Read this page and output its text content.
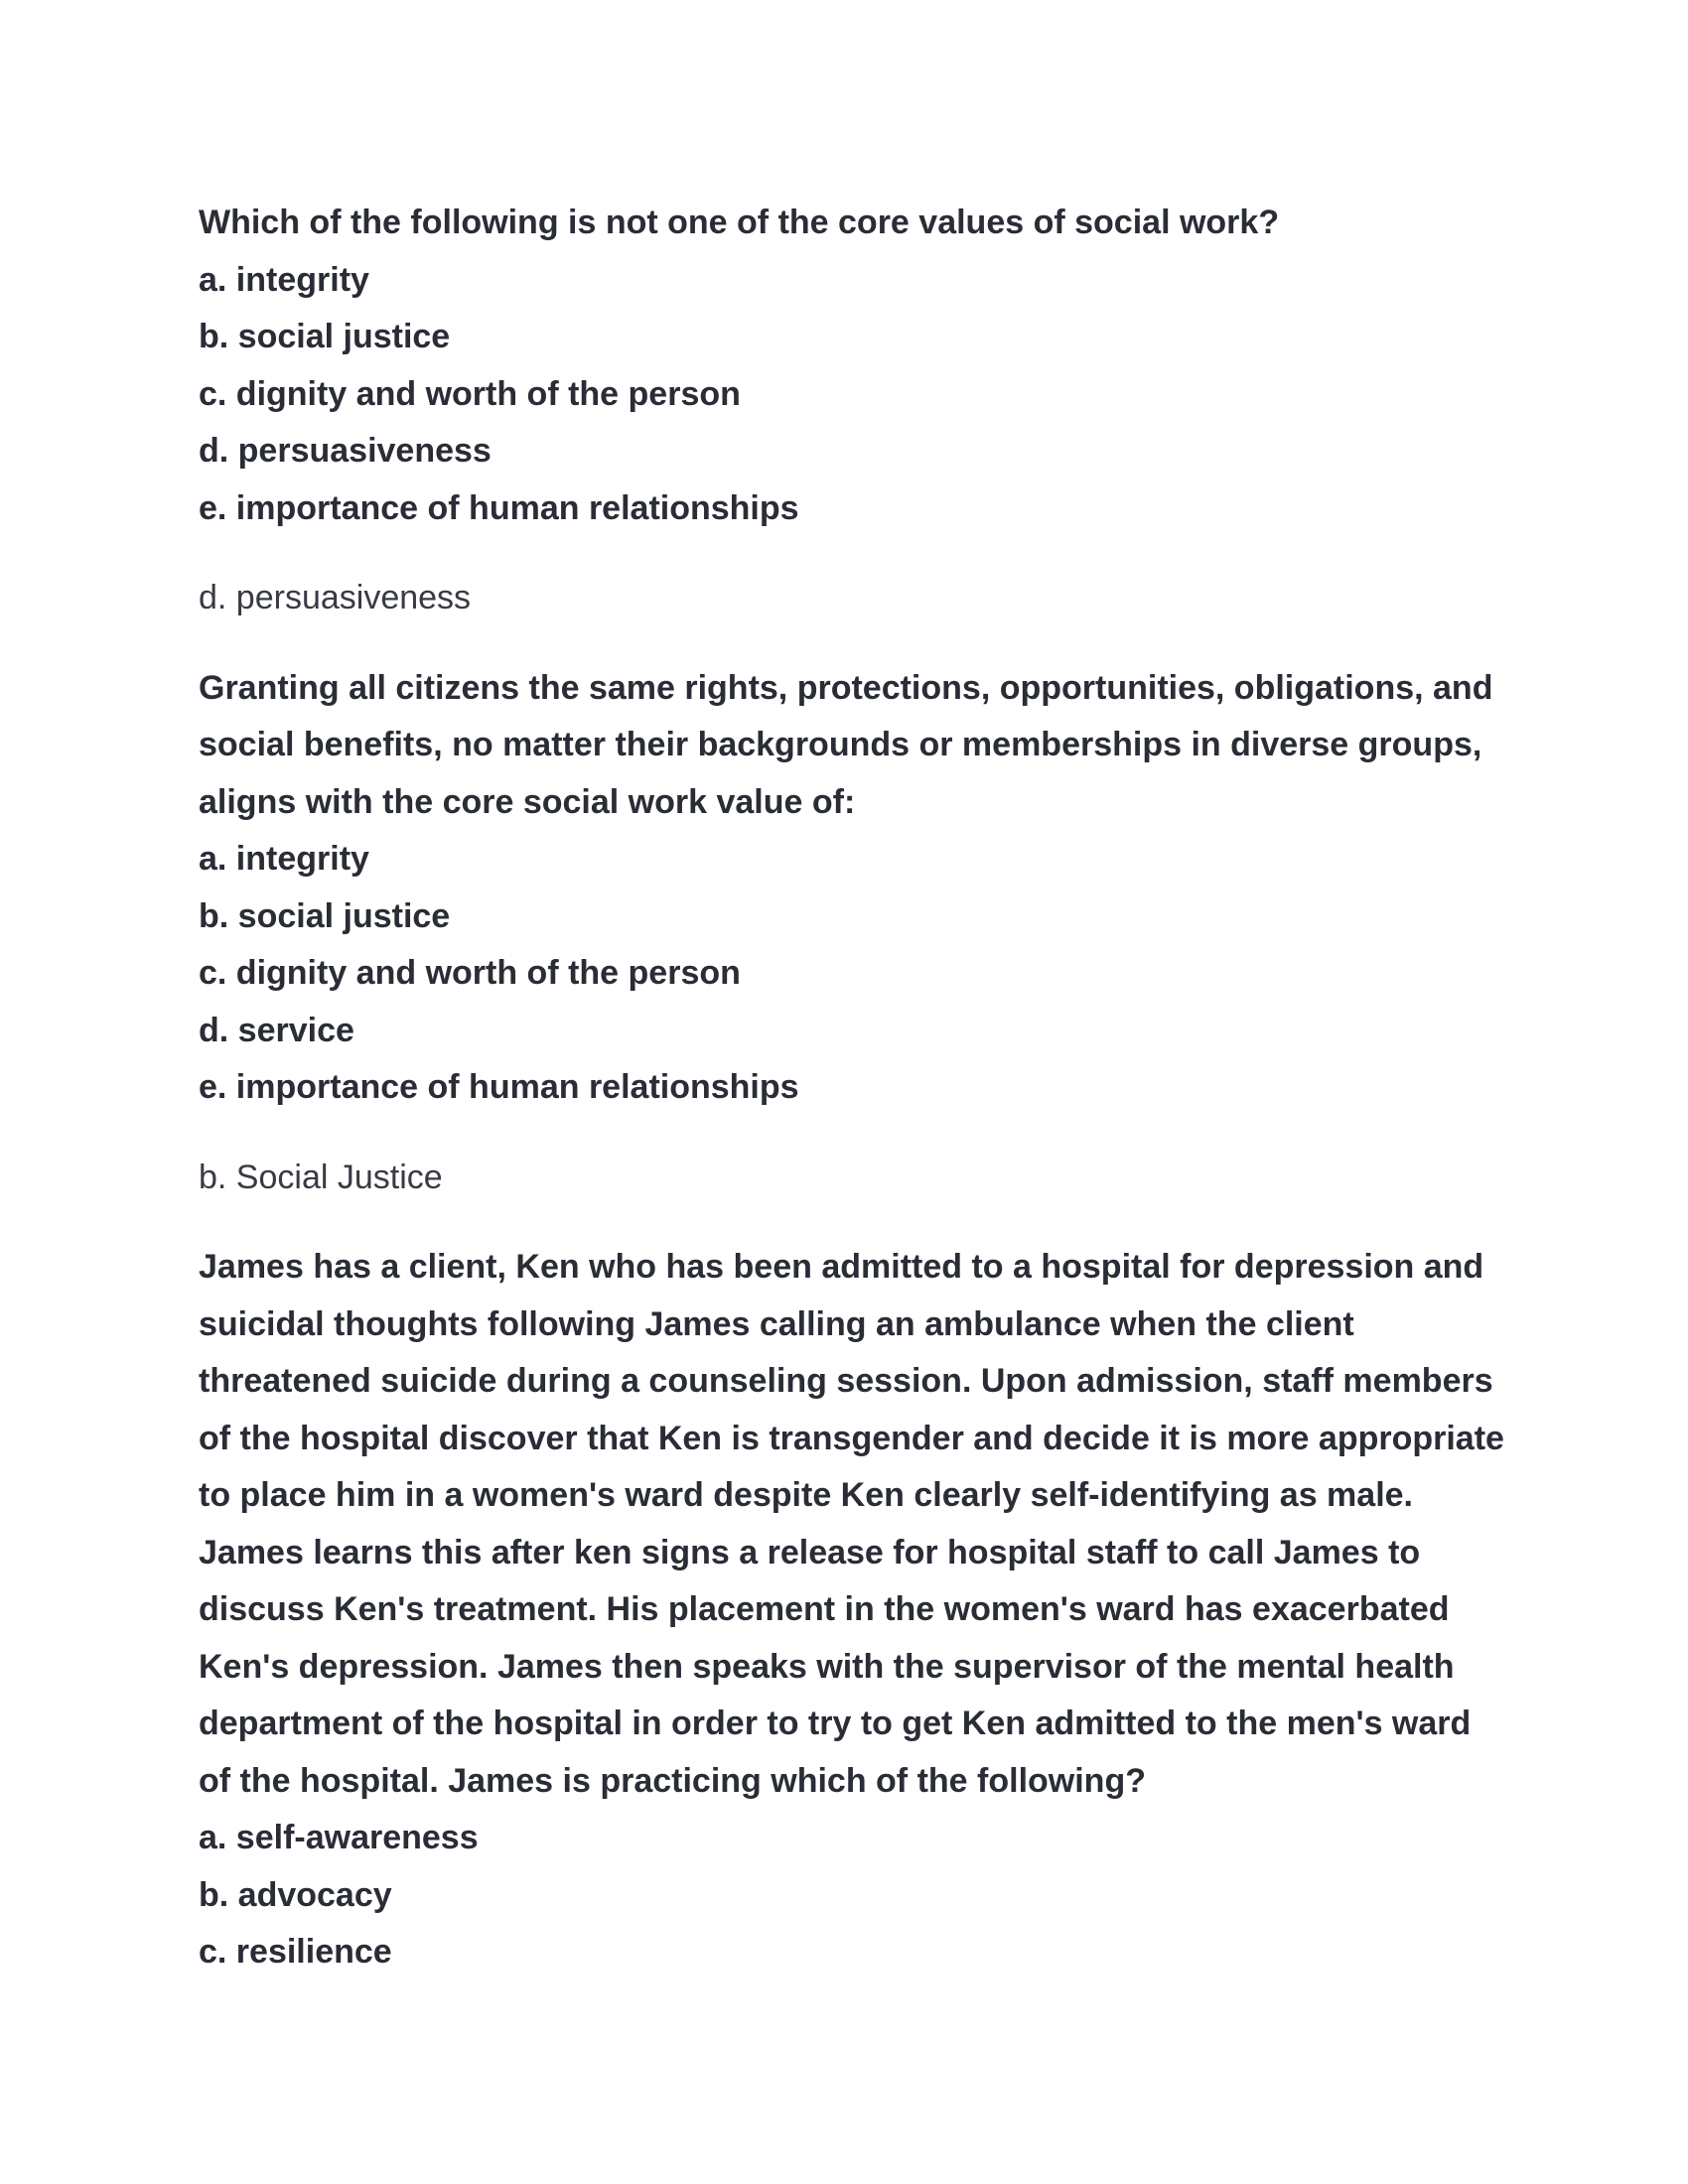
Which of the following is not one of the core values of social work?

a. integrity
b. social justice
c. dignity and worth of the person
d. persuasiveness
e. importance of human relationships

d. persuasiveness

Granting all citizens the same rights, protections, opportunities, obligations, and social benefits, no matter their backgrounds or memberships in diverse groups, aligns with the core social work value of:

a. integrity
b. social justice
c. dignity and worth of the person
d. service
e. importance of human relationships

b. Social Justice

James has a client, Ken who has been admitted to a hospital for depression and suicidal thoughts following James calling an ambulance when the client threatened suicide during a counseling session. Upon admission, staff members of the hospital discover that Ken is transgender and decide it is more appropriate to place him in a women's ward despite Ken clearly self-identifying as male. James learns this after ken signs a release for hospital staff to call James to discuss Ken's treatment. His placement in the women's ward has exacerbated Ken's depression. James then speaks with the supervisor of the mental health department of the hospital in order to try to get Ken admitted to the men's ward of the hospital. James is practicing which of the following?

a. self-awareness
b. advocacy
c. resilience
